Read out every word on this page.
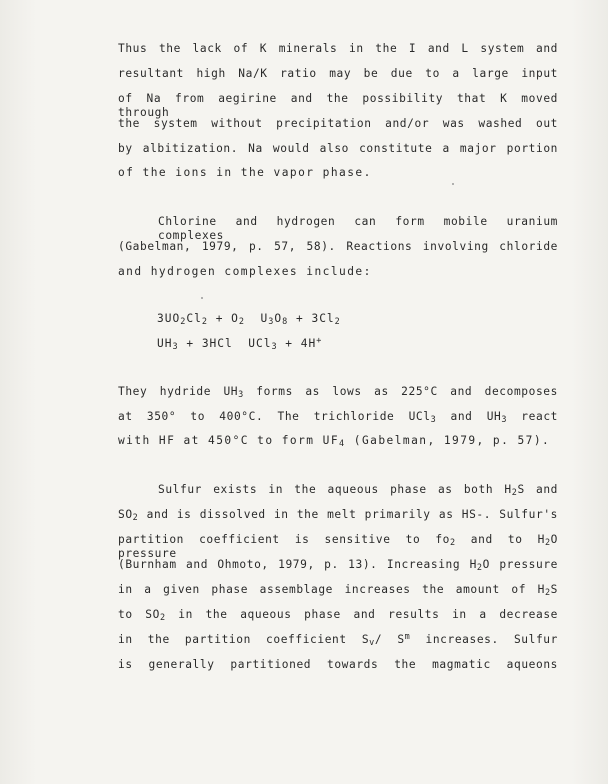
Thus the lack of K minerals in the I and L system and
resultant high Na/K ratio may be due to a large input
of Na from aegirine and the possibility that K moved through
the system without precipitation and/or was washed out
by albitization. Na would also constitute a major portion
of the ions in the vapor phase.
Chlorine and hydrogen can form mobile uranium complexes
(Gabelman, 1979, p. 57, 58). Reactions involving chloride
and hydrogen complexes include:
$3UO_2Cl_2 + O_2$  $U_3O_8 + 3Cl_2$
$UH_3 + 3HCl$  UCl$_3$ + 4H+
They hydride $UH_3$ forms as lows as 225°C and decomposes
at 350° to 400°C. The trichloride UCl$_3$ and $UH_3$ react
with HF at 450°C to form $UF_4$ (Gabelman, 1979, p. 57).
Sulfur exists in the aqueous phase as both $H_2S$ and
$SO_2$ and is dissolved in the melt primarily as HS-. Sulfur's
partition coefficient is sensitive to $fo_2$ and to $H_2O$ pressure
(Burnham and Ohmoto, 1979, p. 13). Increasing $H_2O$ pressure
in a given phase assemblage increases the amount of $H_2S$
to $SO_2$ in the aqueous phase and results in a decrease
in the partition coefficient $S_v/$ $S^m$ increases. Sulfur
is generally partitioned towards the magmatic aqueons
